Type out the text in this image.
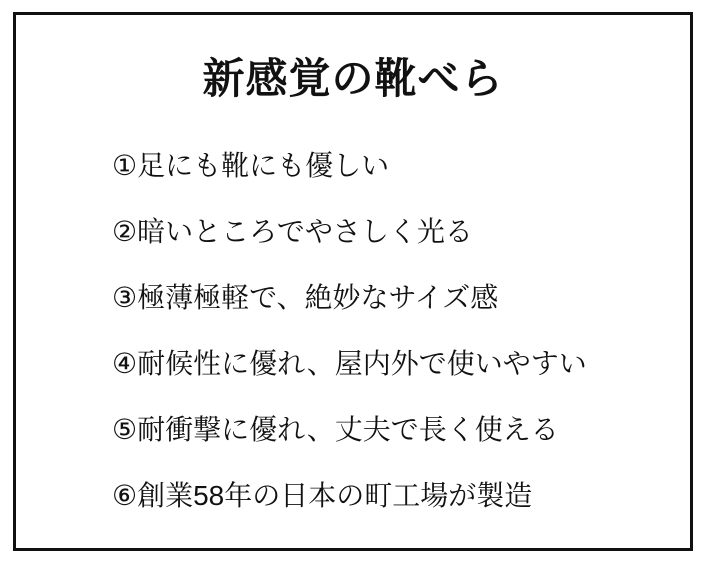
新感覚の靴べら
①足にも靴にも優しい
②暗いところでやさしく光る
③極薄極軽で、絶妙なサイズ感
④耐候性に優れ、屋内外で使いやすい
⑤耐衝撃に優れ、丈夫で長く使える
⑥創業58年の日本の町工場が製造
